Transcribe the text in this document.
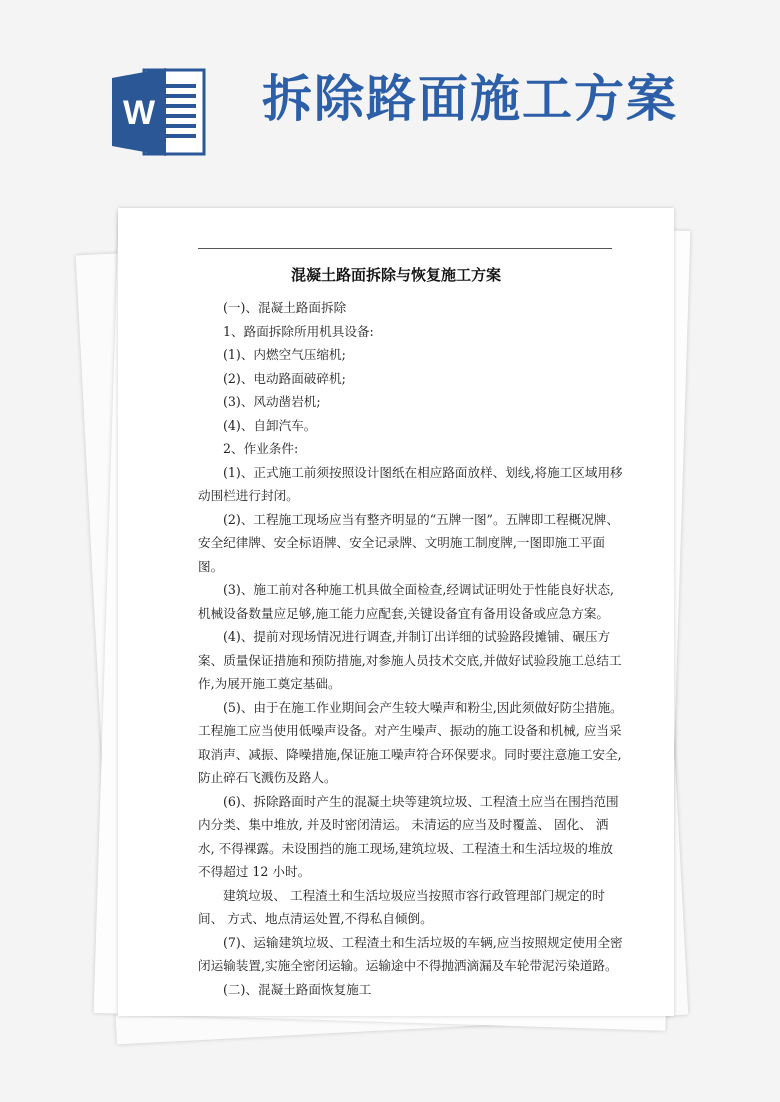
W 拆除路面施工方案
混凝土路面拆除与恢复施工方案

(一)、混凝土路面拆除

1、路面拆除所用机具设备:

(1)、内燃空气压缩机;

(2)、电动路面破碎机;

(3)、风动凿岩机;

(4)、自卸汽车。

2、作业条件:

(1)、正式施工前须按照设计图纸在相应路面放样、划线,将施工区域用移动围栏进行封闭。

(2)、工程施工现场应当有整齐明显的“五牌一图”。五牌即工程概况牌、安全纪律牌、安全标语牌、安全记录牌、文明施工制度牌,一图即施工平面图。

(3)、施工前对各种施工机具做全面检查,经调试证明处于性能良好状态,机械设备数量应足够,施工能力应配套,关键设备宜有备用设备或应急方案。

(4)、提前对现场情况进行调查,并制订出详细的试验路段摊铺、碾压方案、质量保证措施和预防措施,对参施人员技术交底,并做好试验段施工总结工作,为展开施工奠定基础。

(5)、由于在施工作业期间会产生较大噪声和粉尘,因此须做好防尘措施。工程施工应当使用低噪声设备。对产生噪声、振动的施工设备和机械, 应当采取消声、减振、降噪措施,保证施工噪声符合环保要求。同时要注意施工安全,防止碎石飞溅伤及路人。

(6)、拆除路面时产生的混凝土块等建筑垃圾、工程渣土应当在围挡范围内分类、集中堆放, 并及时密闭清运。 未清运的应当及时覆盖、 固化、 洒水, 不得裸露。未设围挡的施工现场,建筑垃圾、工程渣土和生活垃圾的堆放不得超过 12 小时。

建筑垃圾、 工程渣土和生活垃圾应当按照市容行政管理部门规定的时间、 方式、地点清运处置,不得私自倾倒。

(7)、运输建筑垃圾、工程渣土和生活垃圾的车辆,应当按照规定使用全密闭运输装置,实施全密闭运输。运输途中不得抛洒滴漏及车轮带泥污染道路。

(二)、混凝土路面恢复施工
